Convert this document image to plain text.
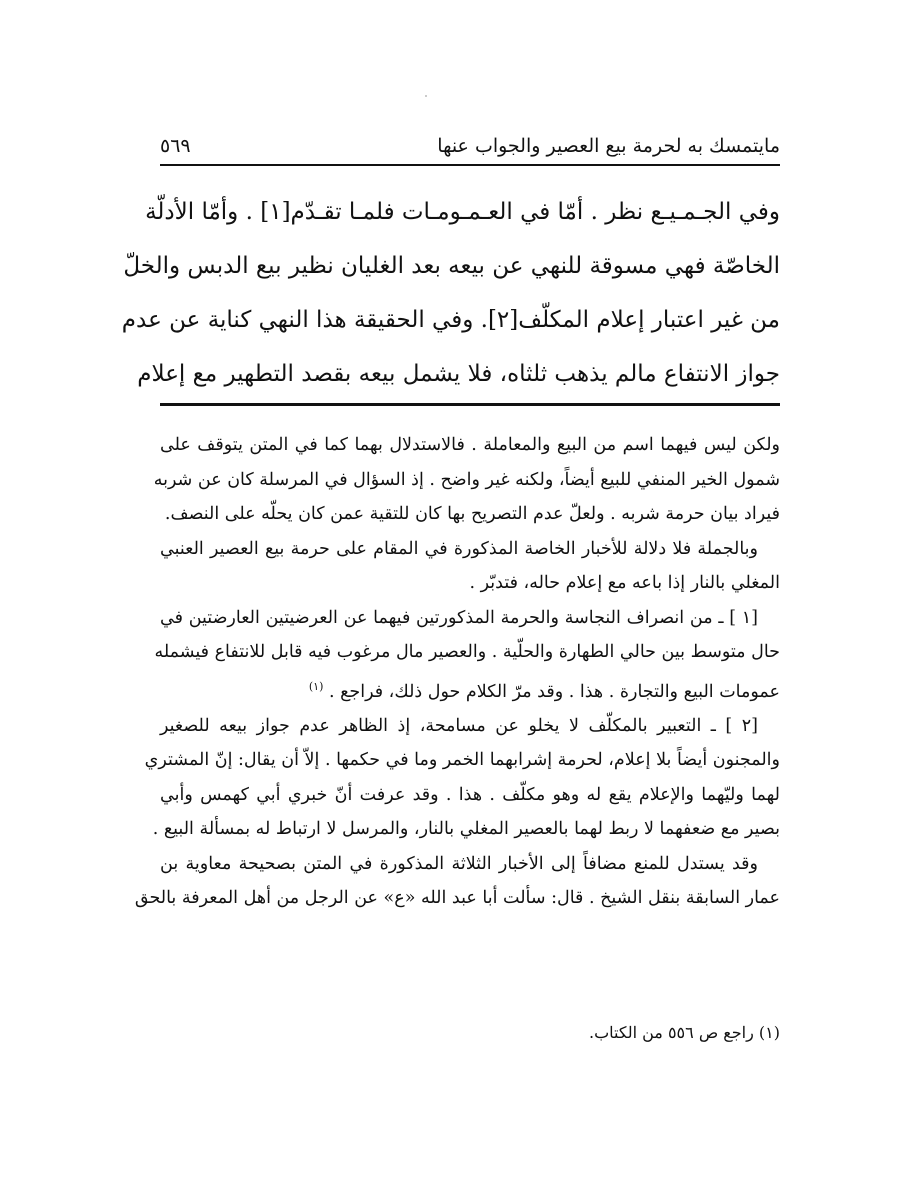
مايتمسك به لحرمة بيع العصير والجواب عنها
٥٦٩
وفي الجـمـيـع نظر . أمّا في العـمـومـات فلمـا تقـدّم[١] . وأمّا الأدلّة
الخاصّة فهي مسوقة للنهي عن بيعه بعد الغليان نظير بيع الدبس والخلّ
من غير اعتبار إعلام المكلّف[٢]. وفي الحقيقة هذا النهي كناية عن عدم
جواز الانتفاع مالم يذهب ثلثاه، فلا يشمل بيعه بقصد التطهير مع إعلام
ولكن ليس فيهما اسم من البيع والمعاملة . فالاستدلال بهما كما في المتن يتوقف على
شمول الخير المنفي للبيع أيضاً، ولكنه غير واضح . إذ السؤال في المرسلة كان عن شربه
فيراد بيان حرمة شربه . ولعلّ عدم التصريح بها كان للتقية عمن كان يحلّه على النصف.
وبالجملة فلا دلالة للأخبار الخاصة المذكورة في المقام على حرمة بيع العصير العنبي
المغلي بالنار إذا باعه مع إعلام حاله، فتدبّر .
[١ ] ـ من انصراف النجاسة والحرمة المذكورتين فيهما عن العرضيتين العارضتين في
حال متوسط بين حالي الطهارة والحلّية . والعصير مال مرغوب فيه قابل للانتفاع فيشمله
عمومات البيع والتجارة . هذا . وقد مرّ الكلام حول ذلك، فراجع . $^{(١)}$
[٢ ] ـ التعبير بالمكلّف لا يخلو عن مسامحة، إذ الظاهر عدم جواز بيعه للصغير
والمجنون أيضاً بلا إعلام، لحرمة إشرابهما الخمر وما في حكمها . إلاّ أن يقال: إنّ المشتري
لهما وليّهما والإعلام يقع له وهو مكلّف . هذا . وقد عرفت أنّ خبري أبي كهمس وأبي
بصير مع ضعفهما لا ربط لهما بالعصير المغلي بالنار، والمرسل لا ارتباط له بمسألة البيع .
وقد يستدل للمنع مضافاً إلى الأخبار الثلاثة المذكورة في المتن بصحيحة معاوية بن
عمار السابقة بنقل الشيخ . قال: سألت أبا عبد الله «ع» عن الرجل من أهل المعرفة بالحق
(١) راجع ص ٥٥٦ من الكتاب.
